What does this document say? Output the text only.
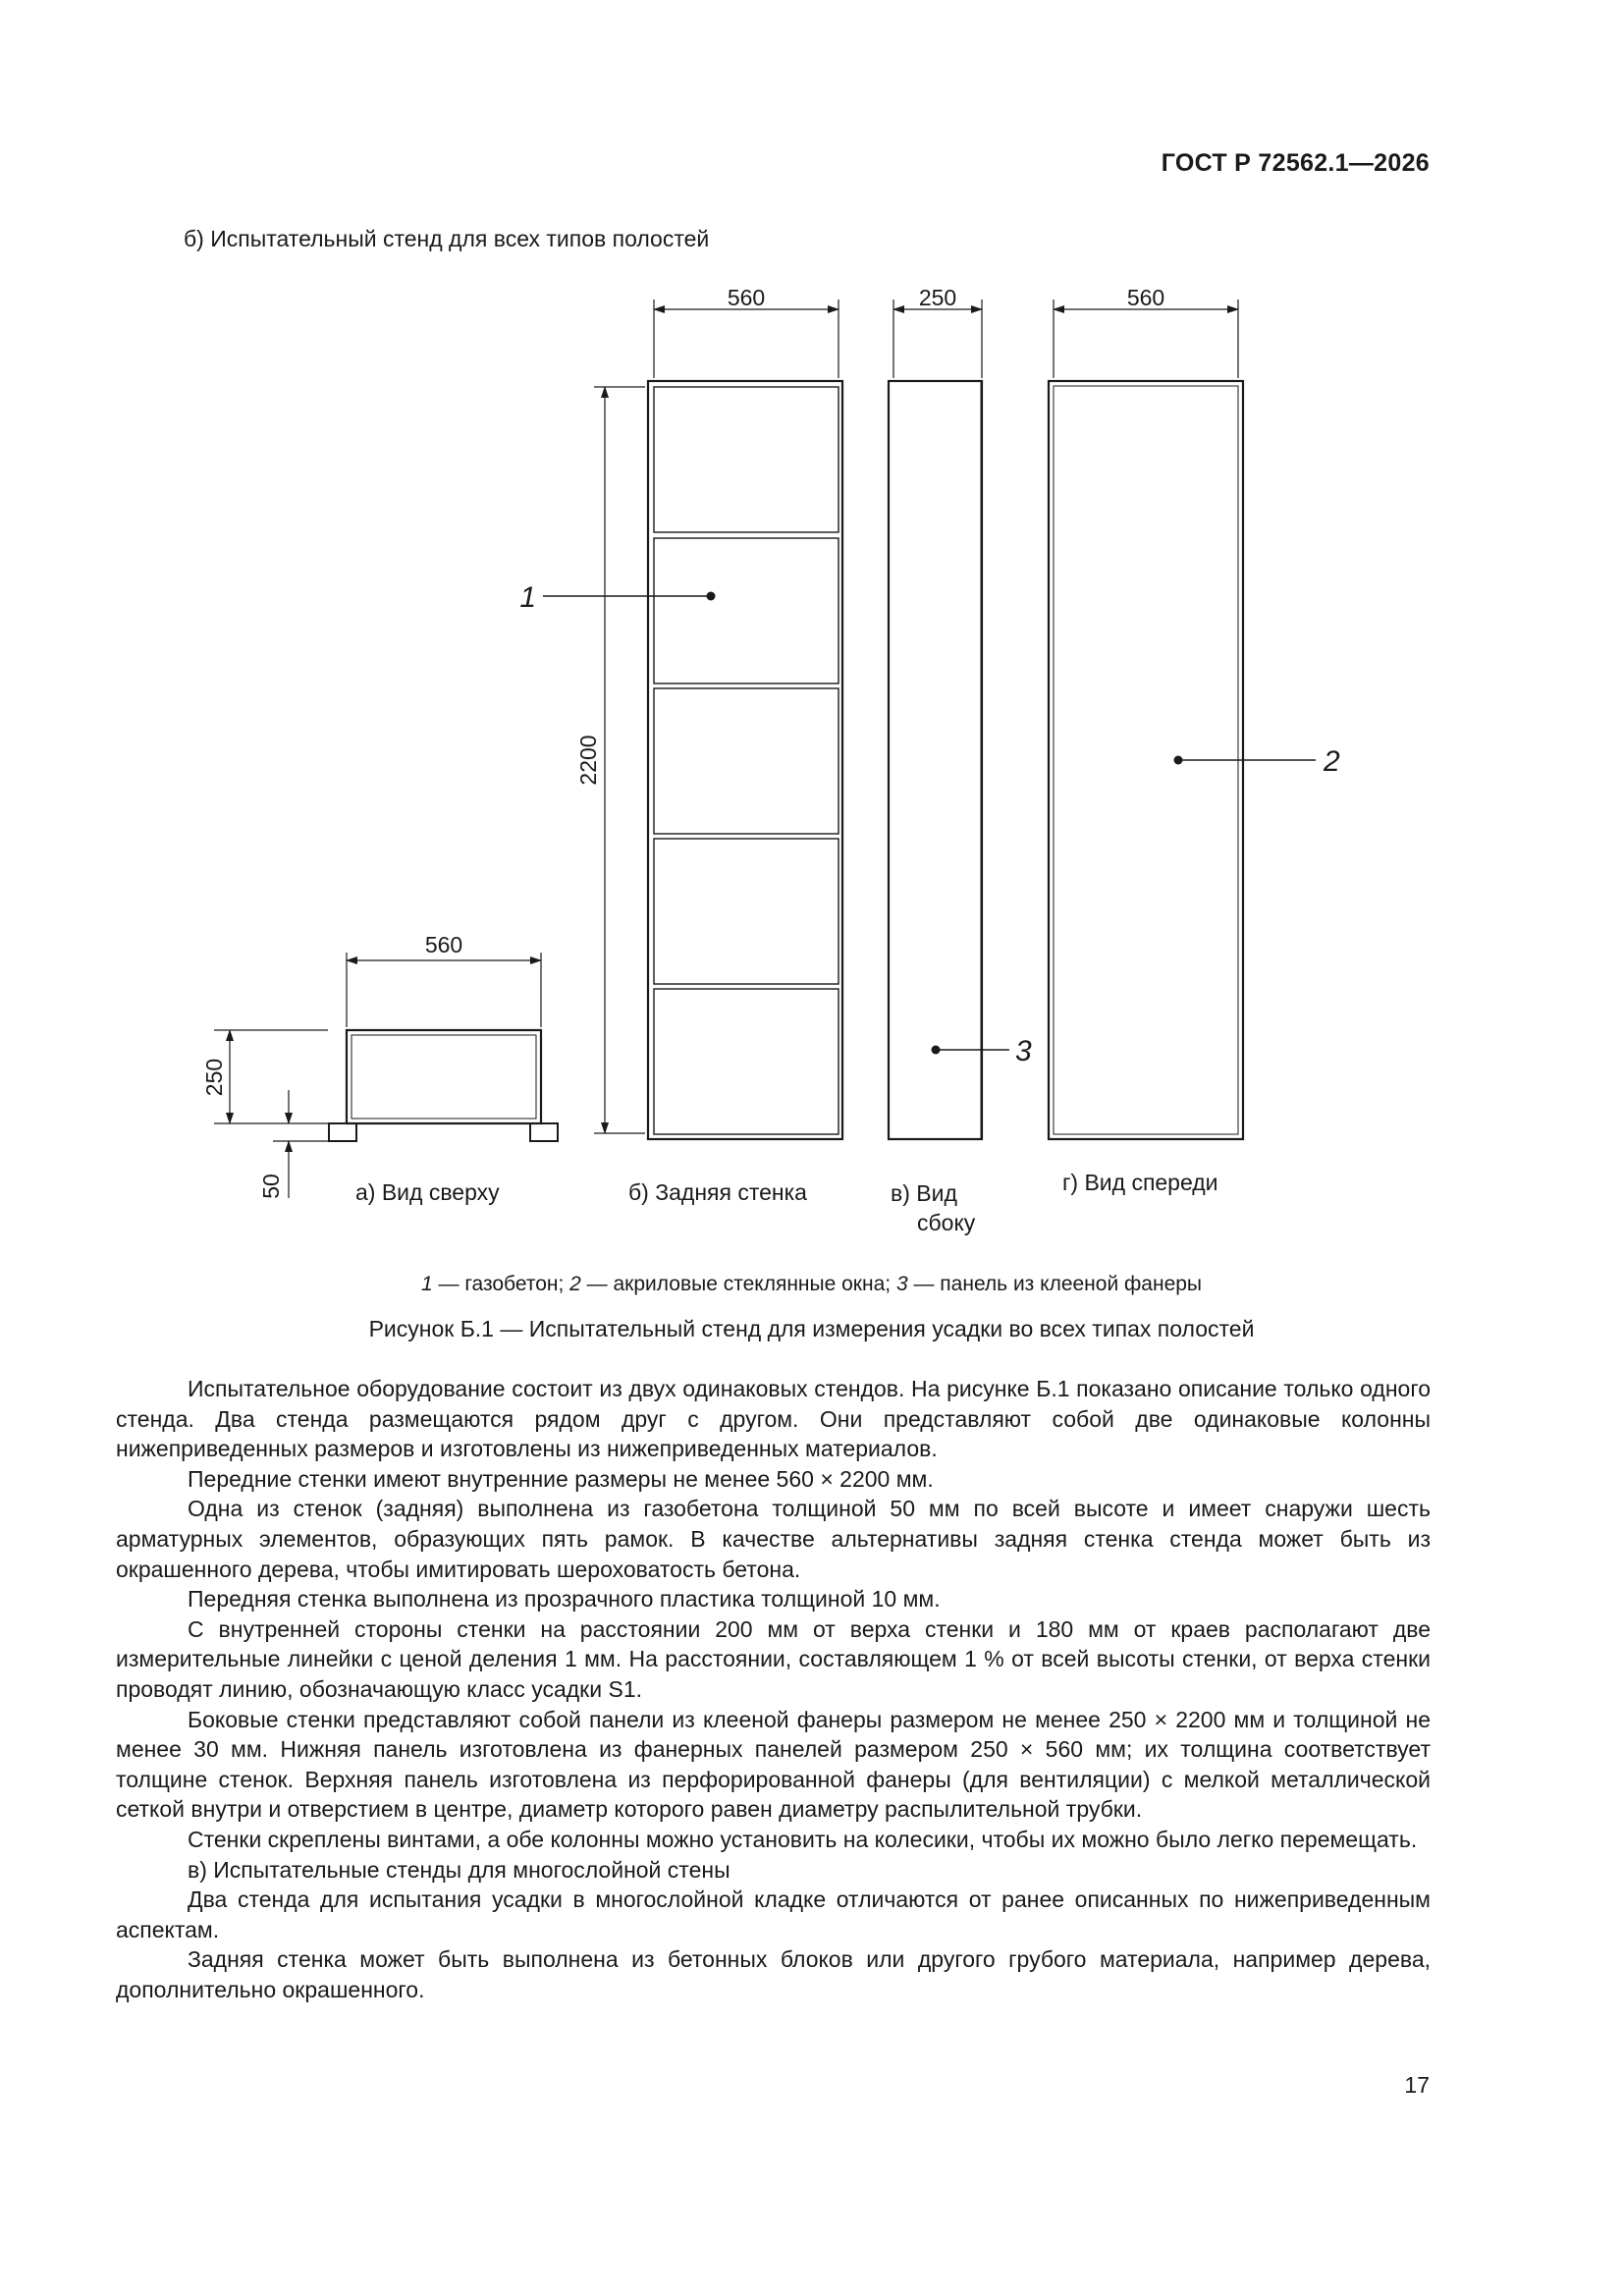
ГОСТ Р 72562.1—2026
б) Испытательный стенд для всех типов полостей
560	250	560
2200
560
250
50
1
2
3
а) Вид сверху	б) Задняя стенка	в) Вид
сбоку
г) Вид спереди
1 — газобетон; 2 — акриловые стеклянные окна; 3 — панель из клееной фанеры
Рисунок Б.1 — Испытательный стенд для измерения усадки во всех типах полостей

Испытательное оборудование состоит из двух одинаковых стендов. На рисунке Б.1 показано описание только одного стенда. Два стенда размещаются рядом друг с другом. Они представляют собой две одинаковые колонны нижеприведенных размеров и изготовлены из нижеприведенных материалов.

Передние стенки имеют внутренние размеры не менее 560 × 2200 мм.

Одна из стенок (задняя) выполнена из газобетона толщиной 50 мм по всей высоте и имеет снаружи шесть арматурных элементов, образующих пять рамок. В качестве альтернативы задняя стенка стенда может быть из окрашенного дерева, чтобы имитировать шероховатость бетона.

Передняя стенка выполнена из прозрачного пластика толщиной 10 мм.

С внутренней стороны стенки на расстоянии 200 мм от верха стенки и 180 мм от краев располагают две измерительные линейки с ценой деления 1 мм. На расстоянии, составляющем 1 % от всей высоты стенки, от верха стенки проводят линию, обозначающую класс усадки S1.

Боковые стенки представляют собой панели из клееной фанеры размером не менее 250 × 2200 мм и толщиной не менее 30 мм. Нижняя панель изготовлена из фанерных панелей размером 250 × 560 мм; их толщина соответствует толщине стенок. Верхняя панель изготовлена из перфорированной фанеры (для вентиляции) с мелкой металлической сеткой внутри и отверстием в центре, диаметр которого равен диаметру распылительной трубки.

Стенки скреплены винтами, а обе колонны можно установить на колесики, чтобы их можно было легко перемещать.

в) Испытательные стенды для многослойной стены

Два стенда для испытания усадки в многослойной кладке отличаются от ранее описанных по нижеприведенным аспектам.

Задняя стенка может быть выполнена из бетонных блоков или другого грубого материала, например дерева, дополнительно окрашенного.

17
